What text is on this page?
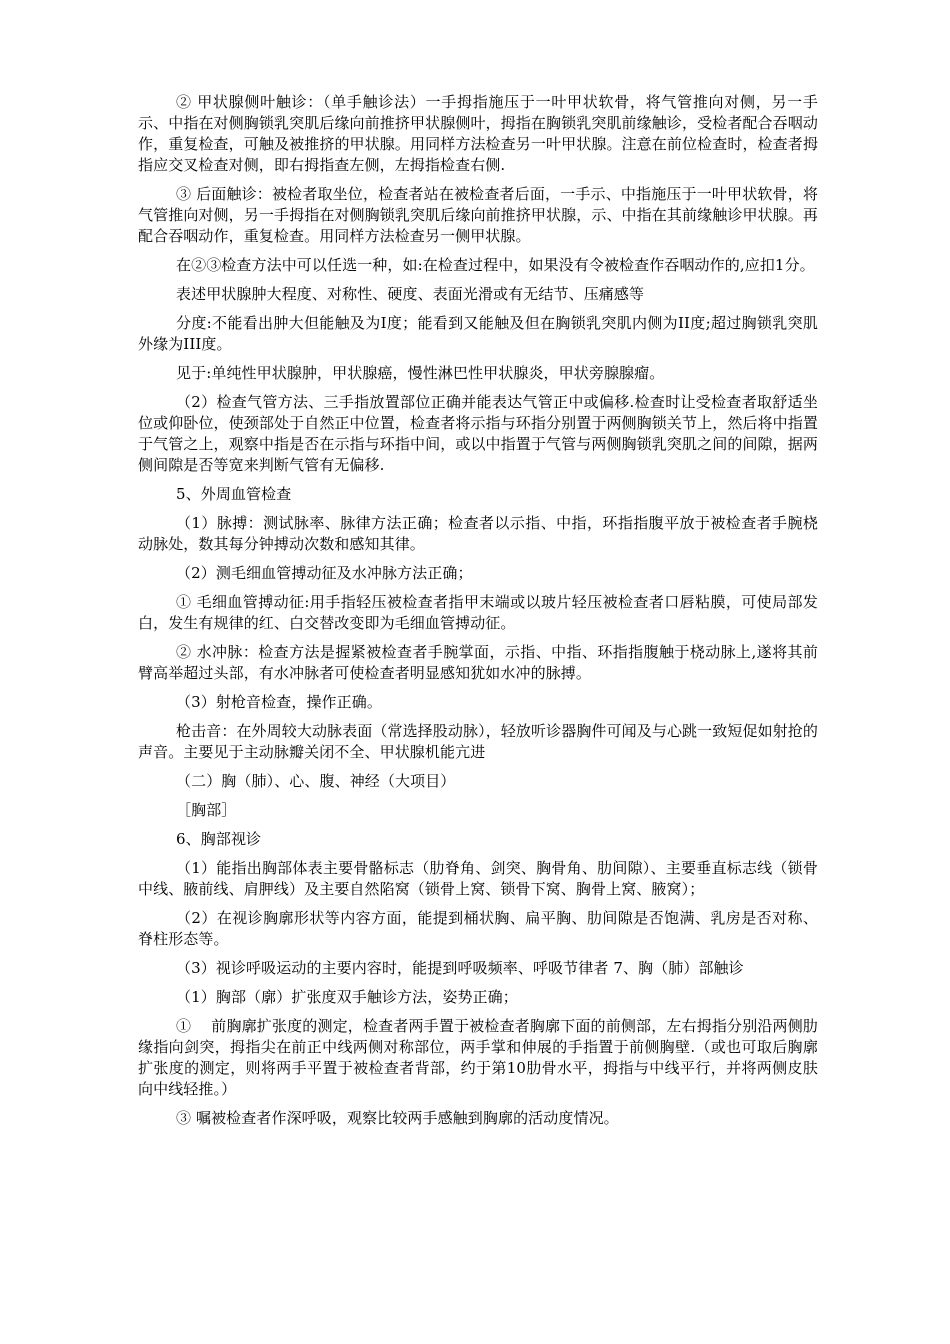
② 甲状腺侧叶触诊：（单手触诊法）一手拇指施压于一叶甲状软骨，将气管推向对侧，另一手示、中指在对侧胸锁乳突肌后缘向前推挤甲状腺侧叶，拇指在胸锁乳突肌前缘触诊，受检者配合吞咽动作，重复检查，可触及被推挤的甲状腺。用同样方法检查另一叶甲状腺。注意在前位检查时，检查者拇指应交叉检查对侧，即右拇指查左侧，左拇指检查右侧.

③ 后面触诊：被检者取坐位，检查者站在被检查者后面，一手示、中指施压于一叶甲状软骨，将气管推向对侧，另一手拇指在对侧胸锁乳突肌后缘向前推挤甲状腺，示、中指在其前缘触诊甲状腺。再配合吞咽动作，重复检查。用同样方法检查另一侧甲状腺。

在②③检查方法中可以任选一种，如:在检查过程中，如果没有令被检查作吞咽动作的,应扣1分。

表述甲状腺肿大程度、对称性、硬度、表面光滑或有无结节、压痛感等

分度:不能看出肿大但能触及为I度；能看到又能触及但在胸锁乳突肌内侧为II度;超过胸锁乳突肌外缘为III度。

见于:单纯性甲状腺肿，甲状腺癌，慢性淋巴性甲状腺炎，甲状旁腺腺瘤。

（2）检查气管方法、三手指放置部位正确并能表达气管正中或偏移.检查时让受检查者取舒适坐位或仰卧位，使颈部处于自然正中位置，检查者将示指与环指分别置于两侧胸锁关节上，然后将中指置于气管之上，观察中指是否在示指与环指中间，或以中指置于气管与两侧胸锁乳突肌之间的间隙，据两侧间隙是否等宽来判断气管有无偏移.

5、外周血管检查

（1）脉搏：测试脉率、脉律方法正确；检查者以示指、中指，环指指腹平放于被检查者手腕桡动脉处，数其每分钟搏动次数和感知其律。

（2）测毛细血管搏动征及水冲脉方法正确；

① 毛细血管搏动征:用手指轻压被检查者指甲末端或以玻片轻压被检查者口唇粘膜，可使局部发白，发生有规律的红、白交替改变即为毛细血管搏动征。

② 水冲脉：检查方法是握紧被检查者手腕掌面，示指、中指、环指指腹触于桡动脉上,遂将其前臂高举超过头部，有水冲脉者可使检查者明显感知犹如水冲的脉搏。

（3）射枪音检查，操作正确。

枪击音：在外周较大动脉表面（常选择股动脉），轻放听诊器胸件可闻及与心跳一致短促如射抢的声音。主要见于主动脉瓣关闭不全、甲状腺机能亢进

（二）胸（肺）、心、腹、神经（大项目）

［胸部］

6、胸部视诊

（1）能指出胸部体表主要骨骼标志（肋脊角、剑突、胸骨角、肋间隙）、主要垂直标志线（锁骨中线、腋前线、肩胛线）及主要自然陷窝（锁骨上窝、锁骨下窝、胸骨上窝、腋窝）；

（2）在视诊胸廓形状等内容方面，能提到桶状胸、扁平胸、肋间隙是否饱满、乳房是否对称、脊柱形态等。

（3）视诊呼吸运动的主要内容时，能提到呼吸频率、呼吸节律者 7、胸（肺）部触诊

（1）胸部（廓）扩张度双手触诊方法，姿势正确；

①　 前胸廓扩张度的测定，检查者两手置于被检查者胸廓下面的前侧部，左右拇指分别沿两侧肋缘指向剑突，拇指尖在前正中线两侧对称部位，两手掌和伸展的手指置于前侧胸壁.（或也可取后胸廓扩张度的测定，则将两手平置于被检查者背部，约于第10肋骨水平，拇指与中线平行，并将两侧皮肤向中线轻推。）

③ 嘱被检查者作深呼吸，观察比较两手感触到胸廓的活动度情况。
